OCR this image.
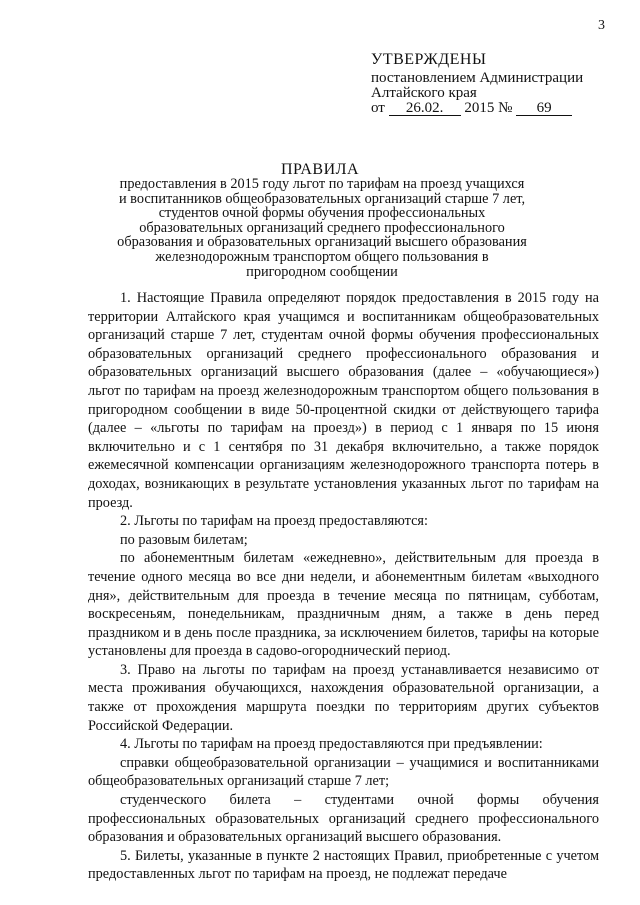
3
УТВЕРЖДЕНЫ
постановлением Администрации
Алтайского края
от 26.02. 2015 № 69
ПРАВИЛА
предоставления в 2015 году льгот по тарифам на проезд учащихся и воспитанников общеобразовательных организаций старше 7 лет, студентов очной формы обучения профессиональных образовательных организаций среднего профессионального образования и образовательных организаций высшего образования железнодорожным транспортом общего пользования в пригородном сообщении

1. Настоящие Правила определяют порядок предоставления в 2015 году на территории Алтайского края учащимся и воспитанникам общеобразовательных организаций старше 7 лет, студентам очной формы обучения профессиональных образовательных организаций среднего профессионального образования и образовательных организаций высшего образования (далее – «обучающиеся») льгот по тарифам на проезд железнодорожным транспортом общего пользования в пригородном сообщении в виде 50-процентной скидки от действующего тарифа (далее – «льготы по тарифам на проезд») в период с 1 января по 15 июня включительно и с 1 сентября по 31 декабря включительно, а также порядок ежемесячной компенсации организациям железнодорожного транспорта потерь в доходах, возникающих в результате установления указанных льгот по тарифам на проезд.

2. Льготы по тарифам на проезд предоставляются:

по разовым билетам;

по абонементным билетам «ежедневно», действительным для проезда в течение одного месяца во все дни недели, и абонементным билетам «выходного дня», действительным для проезда в течение месяца по пятницам, субботам, воскресеньям, понедельникам, праздничным дням, а также в день перед праздником и в день после праздника, за исключением билетов, тарифы на которые установлены для проезда в садово-огороднический период.

3. Право на льготы по тарифам на проезд устанавливается независимо от места проживания обучающихся, нахождения образовательной организации, а также от прохождения маршрута поездки по территориям других субъектов Российской Федерации.

4. Льготы по тарифам на проезд предоставляются при предъявлении:

справки общеобразовательной организации – учащимися и воспитанниками общеобразовательных организаций старше 7 лет;

студенческого билета – студентами очной формы обучения профессиональных образовательных организаций среднего профессионального образования и образовательных организаций высшего образования.

5. Билеты, указанные в пункте 2 настоящих Правил, приобретенные с учетом предоставленных льгот по тарифам на проезд, не подлежат передаче
